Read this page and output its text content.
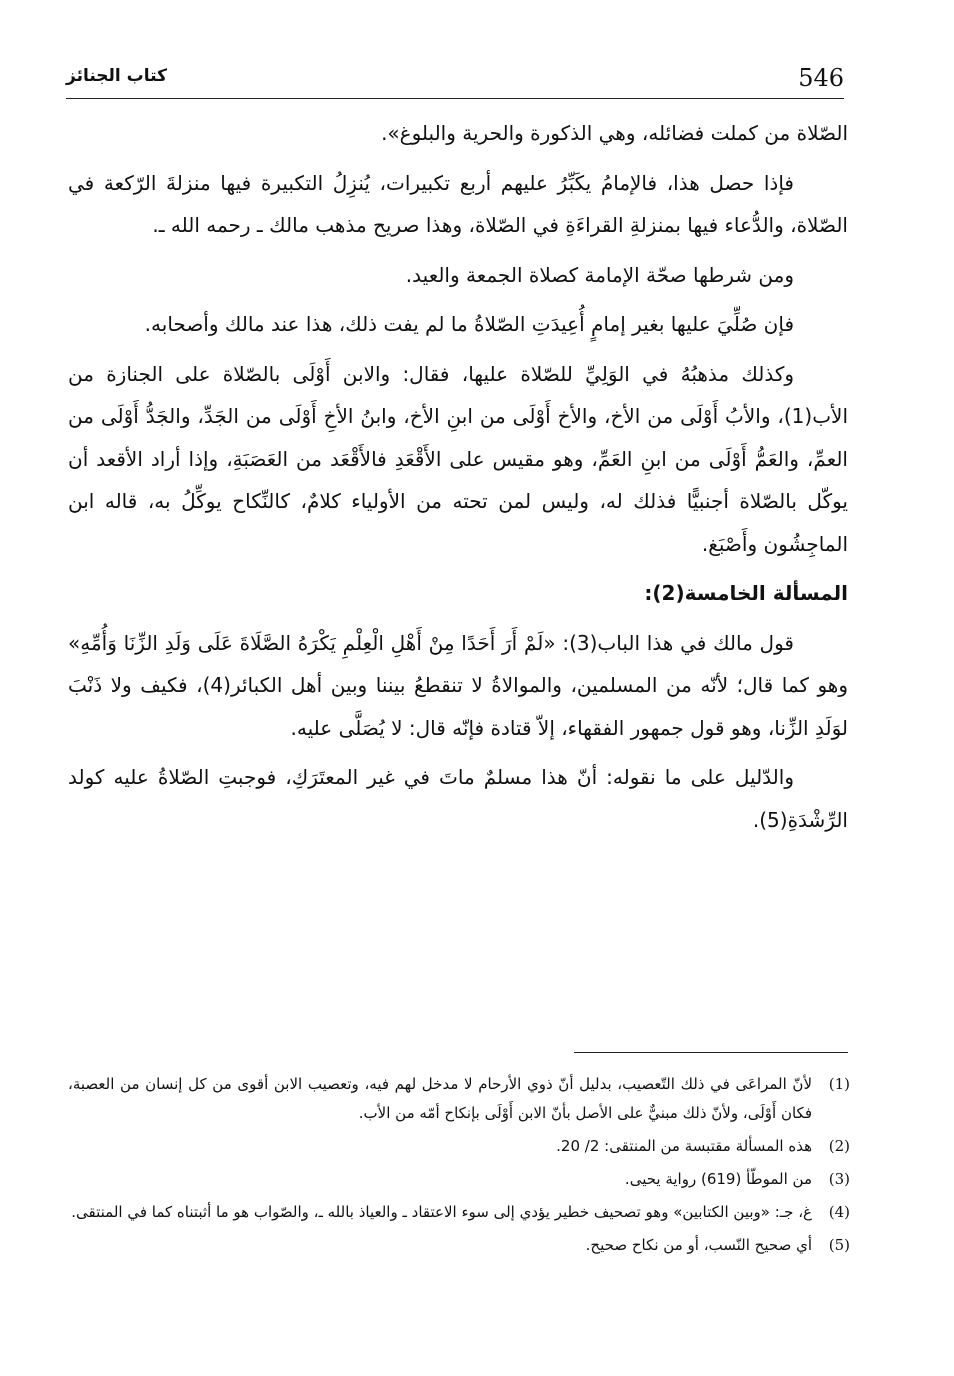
546
كتاب الجنائز

الصّلاة من كملت فضائله، وهي الذكورة والحرية والبلوغ».

فإذا حصل هذا، فالإمامُ يكَبِّرُ عليهم أربع تكبيرات، يُنزِلُ التكبيرة فيها منزلةَ الرّكعة في الصّلاة، والدُّعاء فيها بمنزلةِ القراءَةِ في الصّلاة، وهذا صريح مذهب مالك ـ رحمه الله ـ.

ومن شرطها صحّة الإمامة كصلاة الجمعة والعيد.

فإن صُلِّيَ عليها بغير إمامٍ أُعِيدَتِ الصّلاةُ ما لم يفت ذلك، هذا عند مالك وأصحابه.

وكذلك مذهبُهُ في الوَلِيِّ للصّلاة عليها، فقال: والابن أَوْلَى بالصّلاة على الجنازة من الأب(1)، والأبُ أَوْلَى من الأخ، والأخ أَوْلَى من ابنِ الأخ، وابنُ الأخِ أَوْلَى من الجَدِّ، والجَدُّ أَوْلَى من العمِّ، والعَمُّ أَوْلَى من ابنِ العَمِّ، وهو مقيس على الأَقْعَدِ فالأَقْعَد من العَصَبَةِ، وإذا أراد الأقعد أن يوكّل بالصّلاة أجنبيًّا فذلك له، وليس لمن تحته من الأولياء كلامٌ، كالنِّكاح يوكِّلُ به، قاله ابن الماجِشُون وأَصْبَغ.

المسألة الخامسة(2):

قول مالك في هذا الباب(3): «لَمْ أَرَ أَحَدًا مِنْ أَهْلِ الْعِلْمِ يَكْرَهُ الصَّلَاةَ عَلَى وَلَدِ الزِّنَا وَأُمِّهِ» وهو كما قال؛ لأنّه من المسلمين، والموالاةُ لا تنقطعُ بيننا وبين أهل الكبائر(4)، فكيف ولا ذَنْبَ لوَلَدِ الزِّنا، وهو قول جمهور الفقهاء، إلاّ قتادة فإنّه قال: لا يُصَلَّى عليه.

والدّليل على ما نقوله: أنّ هذا مسلمٌ ماتَ في غير المعتَرَكِ، فوجبتِ الصّلاةُ عليه كولد الرِّشْدَةِ(5).

(1)
لأنّ المراعَى في ذلك التّعصيب، بدليل أنّ ذوي الأرحام لا مدخل لهم فيه، وتعصيب الابن أقوى من كل إنسان من العصبة، فكان أَوْلَى، ولأنّ ذلك مبنيٌّ على الأصل بأنّ الابن أَوْلَى بإنكاح أمّه من الأب.
(2)
هذه المسألة مقتبسة من المنتقى: 2/ 20.
(3)
من الموطّأ (619) رواية يحيى.
(4)
غ، جـ: «وبين الكتابين» وهو تصحيف خطير يؤدي إلى سوء الاعتقاد ـ والعياذ بالله ـ، والصّواب هو ما أثبتناه كما في المنتقى.
(5)
أي صحيح النّسب، أو من نكاح صحيح.
